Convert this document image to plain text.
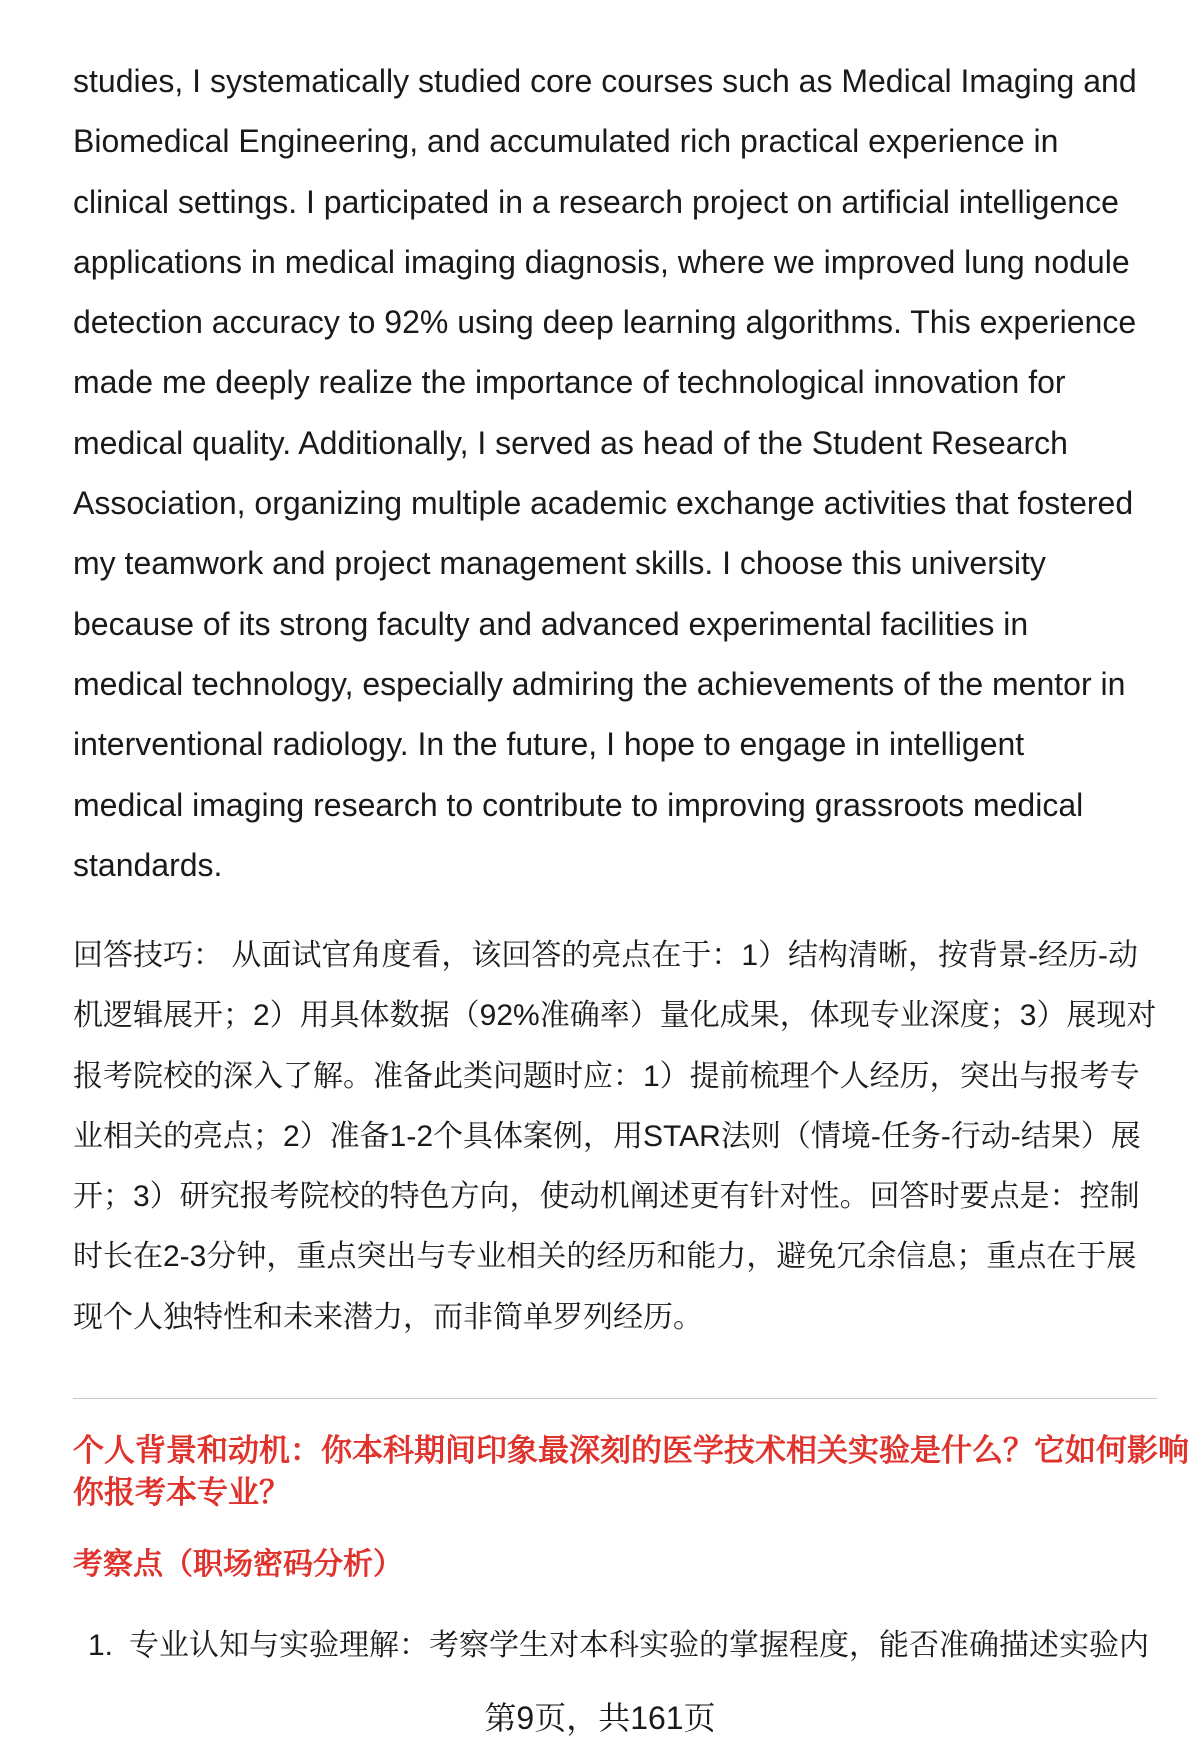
studies, I systematically studied core courses such as Medical Imaging and
Biomedical Engineering, and accumulated rich practical experience in
clinical settings. I participated in a research project on artificial intelligence
applications in medical imaging diagnosis, where we improved lung nodule
detection accuracy to 92% using deep learning algorithms. This experience
made me deeply realize the importance of technological innovation for
medical quality. Additionally, I served as head of the Student Research
Association, organizing multiple academic exchange activities that fostered
my teamwork and project management skills. I choose this university
because of its strong faculty and advanced experimental facilities in
medical technology, especially admiring the achievements of the mentor in
interventional radiology. In the future, I hope to engage in intelligent
medical imaging research to contribute to improving grassroots medical
standards.
回答技巧： 从面试官角度看，该回答的亮点在于：1）结构清晰，按背景-经历-动
机逻辑展开；2）用具体数据（92%准确率）量化成果，体现专业深度；3）展现对
报考院校的深入了解。准备此类问题时应：1）提前梳理个人经历，突出与报考专
业相关的亮点；2）准备1-2个具体案例，用STAR法则（情境-任务-行动-结果）展
开；3）研究报考院校的特色方向，使动机阐述更有针对性。回答时要点是：控制
时长在2-3分钟，重点突出与专业相关的经历和能力，避免冗余信息；重点在于展
现个人独特性和未来潜力，而非简单罗列经历。
个人背景和动机：你本科期间印象最深刻的医学技术相关实验是什么？它如何影响
你报考本专业？
考察点（职场密码分析）
1. 专业认知与实验理解：考察学生对本科实验的掌握程度，能否准确描述实验内
第9页，共161页
